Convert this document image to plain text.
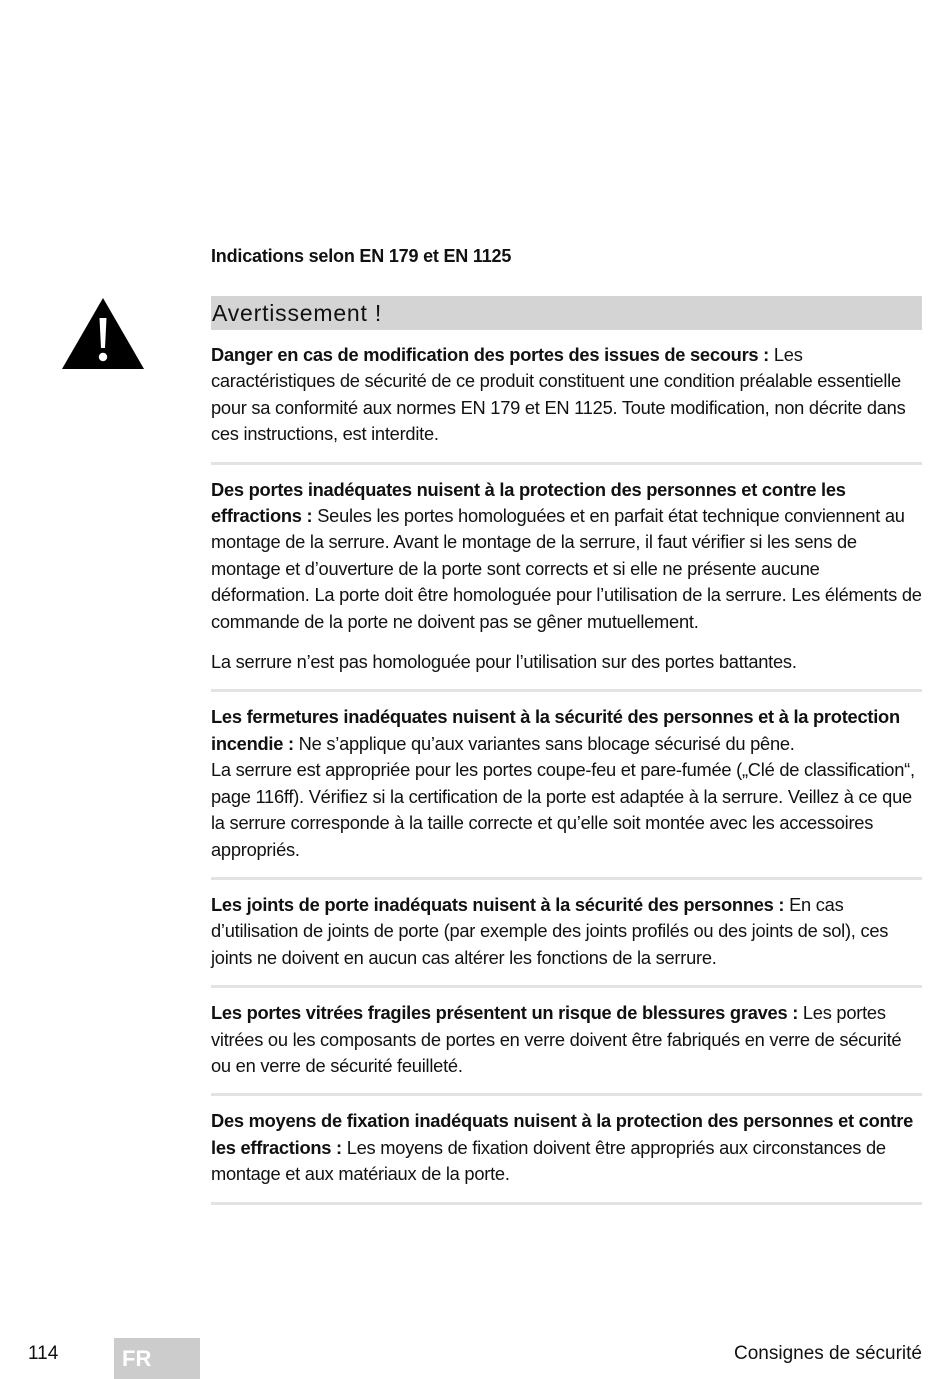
Indications selon EN 179 et EN 1125
Avertissement !

Danger en cas de modification des portes des issues de secours : Les caractéristiques de sécurité de ce produit constituent une condition préalable essentielle pour sa conformité aux normes EN 179 et EN 1125. Toute modification, non décrite dans ces instructions, est interdite.

Des portes inadéquates nuisent à la protection des personnes et contre les effractions : Seules les portes homologuées et en parfait état technique conviennent au montage de la serrure. Avant le montage de la serrure, il faut vérifier si les sens de montage et d’ouverture de la porte sont corrects et si elle ne présente aucune déformation. La porte doit être homologuée pour l’utilisation de la serrure. Les éléments de commande de la porte ne doivent pas se gêner mutuellement.

La serrure n’est pas homologuée pour l’utilisation sur des portes battantes.

Les fermetures inadéquates nuisent à la sécurité des personnes et à la protection incendie : Ne s’applique qu’aux variantes sans blocage sécurisé du pêne.
La serrure est appropriée pour les portes coupe-feu et pare-fumée („Clé de classification“, page 116ff). Vérifiez si la certification de la porte est adaptée à la serrure. Veillez à ce que la serrure corresponde à la taille correcte et qu’elle soit montée avec les accessoires appropriés.

Les joints de porte inadéquats nuisent à la sécurité des personnes : En cas d’utilisation de joints de porte (par exemple des joints profilés ou des joints de sol), ces joints ne doivent en aucun cas altérer les fonctions de la serrure.

Les portes vitrées fragiles présentent un risque de blessures graves : Les portes vitrées ou les composants de portes en verre doivent être fabriqués en verre de sécurité ou en verre de sécurité feuilleté.

Des moyens de fixation inadéquats nuisent à la protection des personnes et contre les effractions : Les moyens de fixation doivent être appropriés aux circonstances de montage et aux matériaux de la porte.

114	FR	Consignes de sécurité
